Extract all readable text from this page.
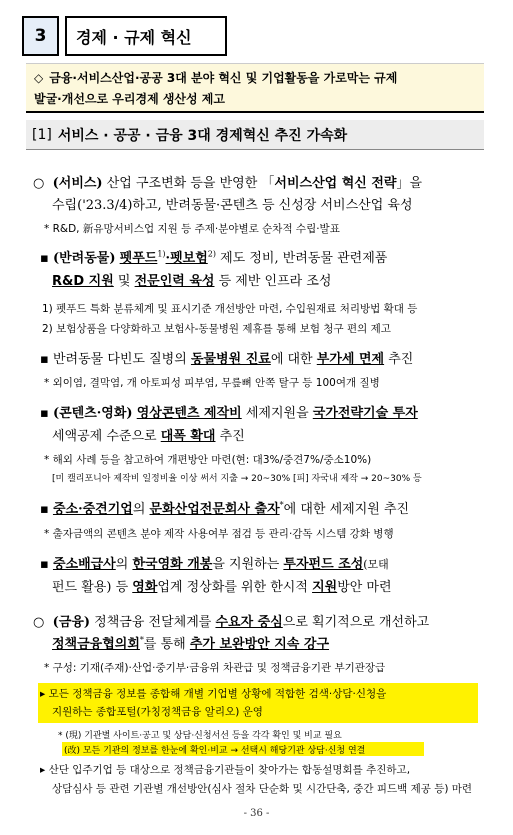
3	경제 · 규제 혁신
◇ 금융·서비스산업·공공 3대 분야 혁신 및 기업활동을 가로막는 규제
발굴·개선으로 우리경제 생산성 제고
[1] 서비스 · 공공 · 금융 3대 경제혁신 추진 가속화
○ (서비스) 산업 구조변화 등을 반영한 「서비스산업 혁신 전략」을
수립('23.3/4)하고, 반려동물·콘텐츠 등 신성장 서비스산업 육성
* R&D, 新유망서비스업 지원 등 주제·분야별로 순차적 수립·발표
▪ (반려동물) 펫푸드$^{1)}$·펫보험$^{2)}$ 제도 정비, 반려동물 관련제품
R&D 지원 및 전문인력 육성 등 제반 인프라 조성
1) 펫푸드 특화 분류체계 및 표시기준 개선방안 마련, 수입원재료 처리방법 확대 등
2) 보험상품을 다양화하고 보험사-동물병원 제휴를 통해 보험 청구 편의 제고
▪ 반려동물 다빈도 질병의 동물병원 진료에 대한 부가세 면제 추진
* 외이염, 결막염, 개 아토피성 피부염, 무릎뼈 안쪽 탈구 등 100여개 질병
▪ (콘텐츠·영화) 영상콘텐츠 제작비 세제지원을 국가전략기술 투자
세액공제 수준으로 대폭 확대 추진
* 해외 사례 등을 참고하여 개편방안 마련(현: 대3%/중견7%/중소10%)
[미 캘리포니아 제작비 일정비율 이상 써서 지출 → 20~30% [피] 자국내 제작 → 20~30% 등
▪ 중소·중견기업의 문화산업전문회사 출자*에 대한 세제지원 추진
* 출자금액의 콘텐츠 분야 제작 사용여부 점검 등 관리·감독 시스템 강화 병행
▪ 중소배급사의 한국영화 개봉을 지원하는 투자펀드 조성(모태
펀드 활용) 등 영화업계 정상화를 위한 한시적 지원방안 마련
○ (금융) 정책금융 전달체계를 수요자 중심으로 획기적으로 개선하고
정책금융협의회*를 통해 추가 보완방안 지속 강구
* 구성: 기재(주재)·산업·중기부·금융위 차관급 및 정책금융기관 부기관장급
▸ 모든 정책금융 정보를 종합해 개별 기업별 상황에 적합한 검색·상담·신청을
지원하는 종합포털(가칭정책금융 알리오) 운영
* (現) 기관별 사이트·공고 및 상담·신청서선 등을 각각 확인 및 비교 필요
(改) 모든 기관의 정보를 한눈에 확인·비교 → 선택시 해당기관 상담·신청 연결
▸ 산단 입주기업 등 대상으로 정책금융기관들이 찾아가는 합동설명회를 추진하고,
상담심사 등 관련 기관별 개선방안(심사 절차 단순화 및 시간단축, 중간 피드백 제공 등) 마련
- 36 -
